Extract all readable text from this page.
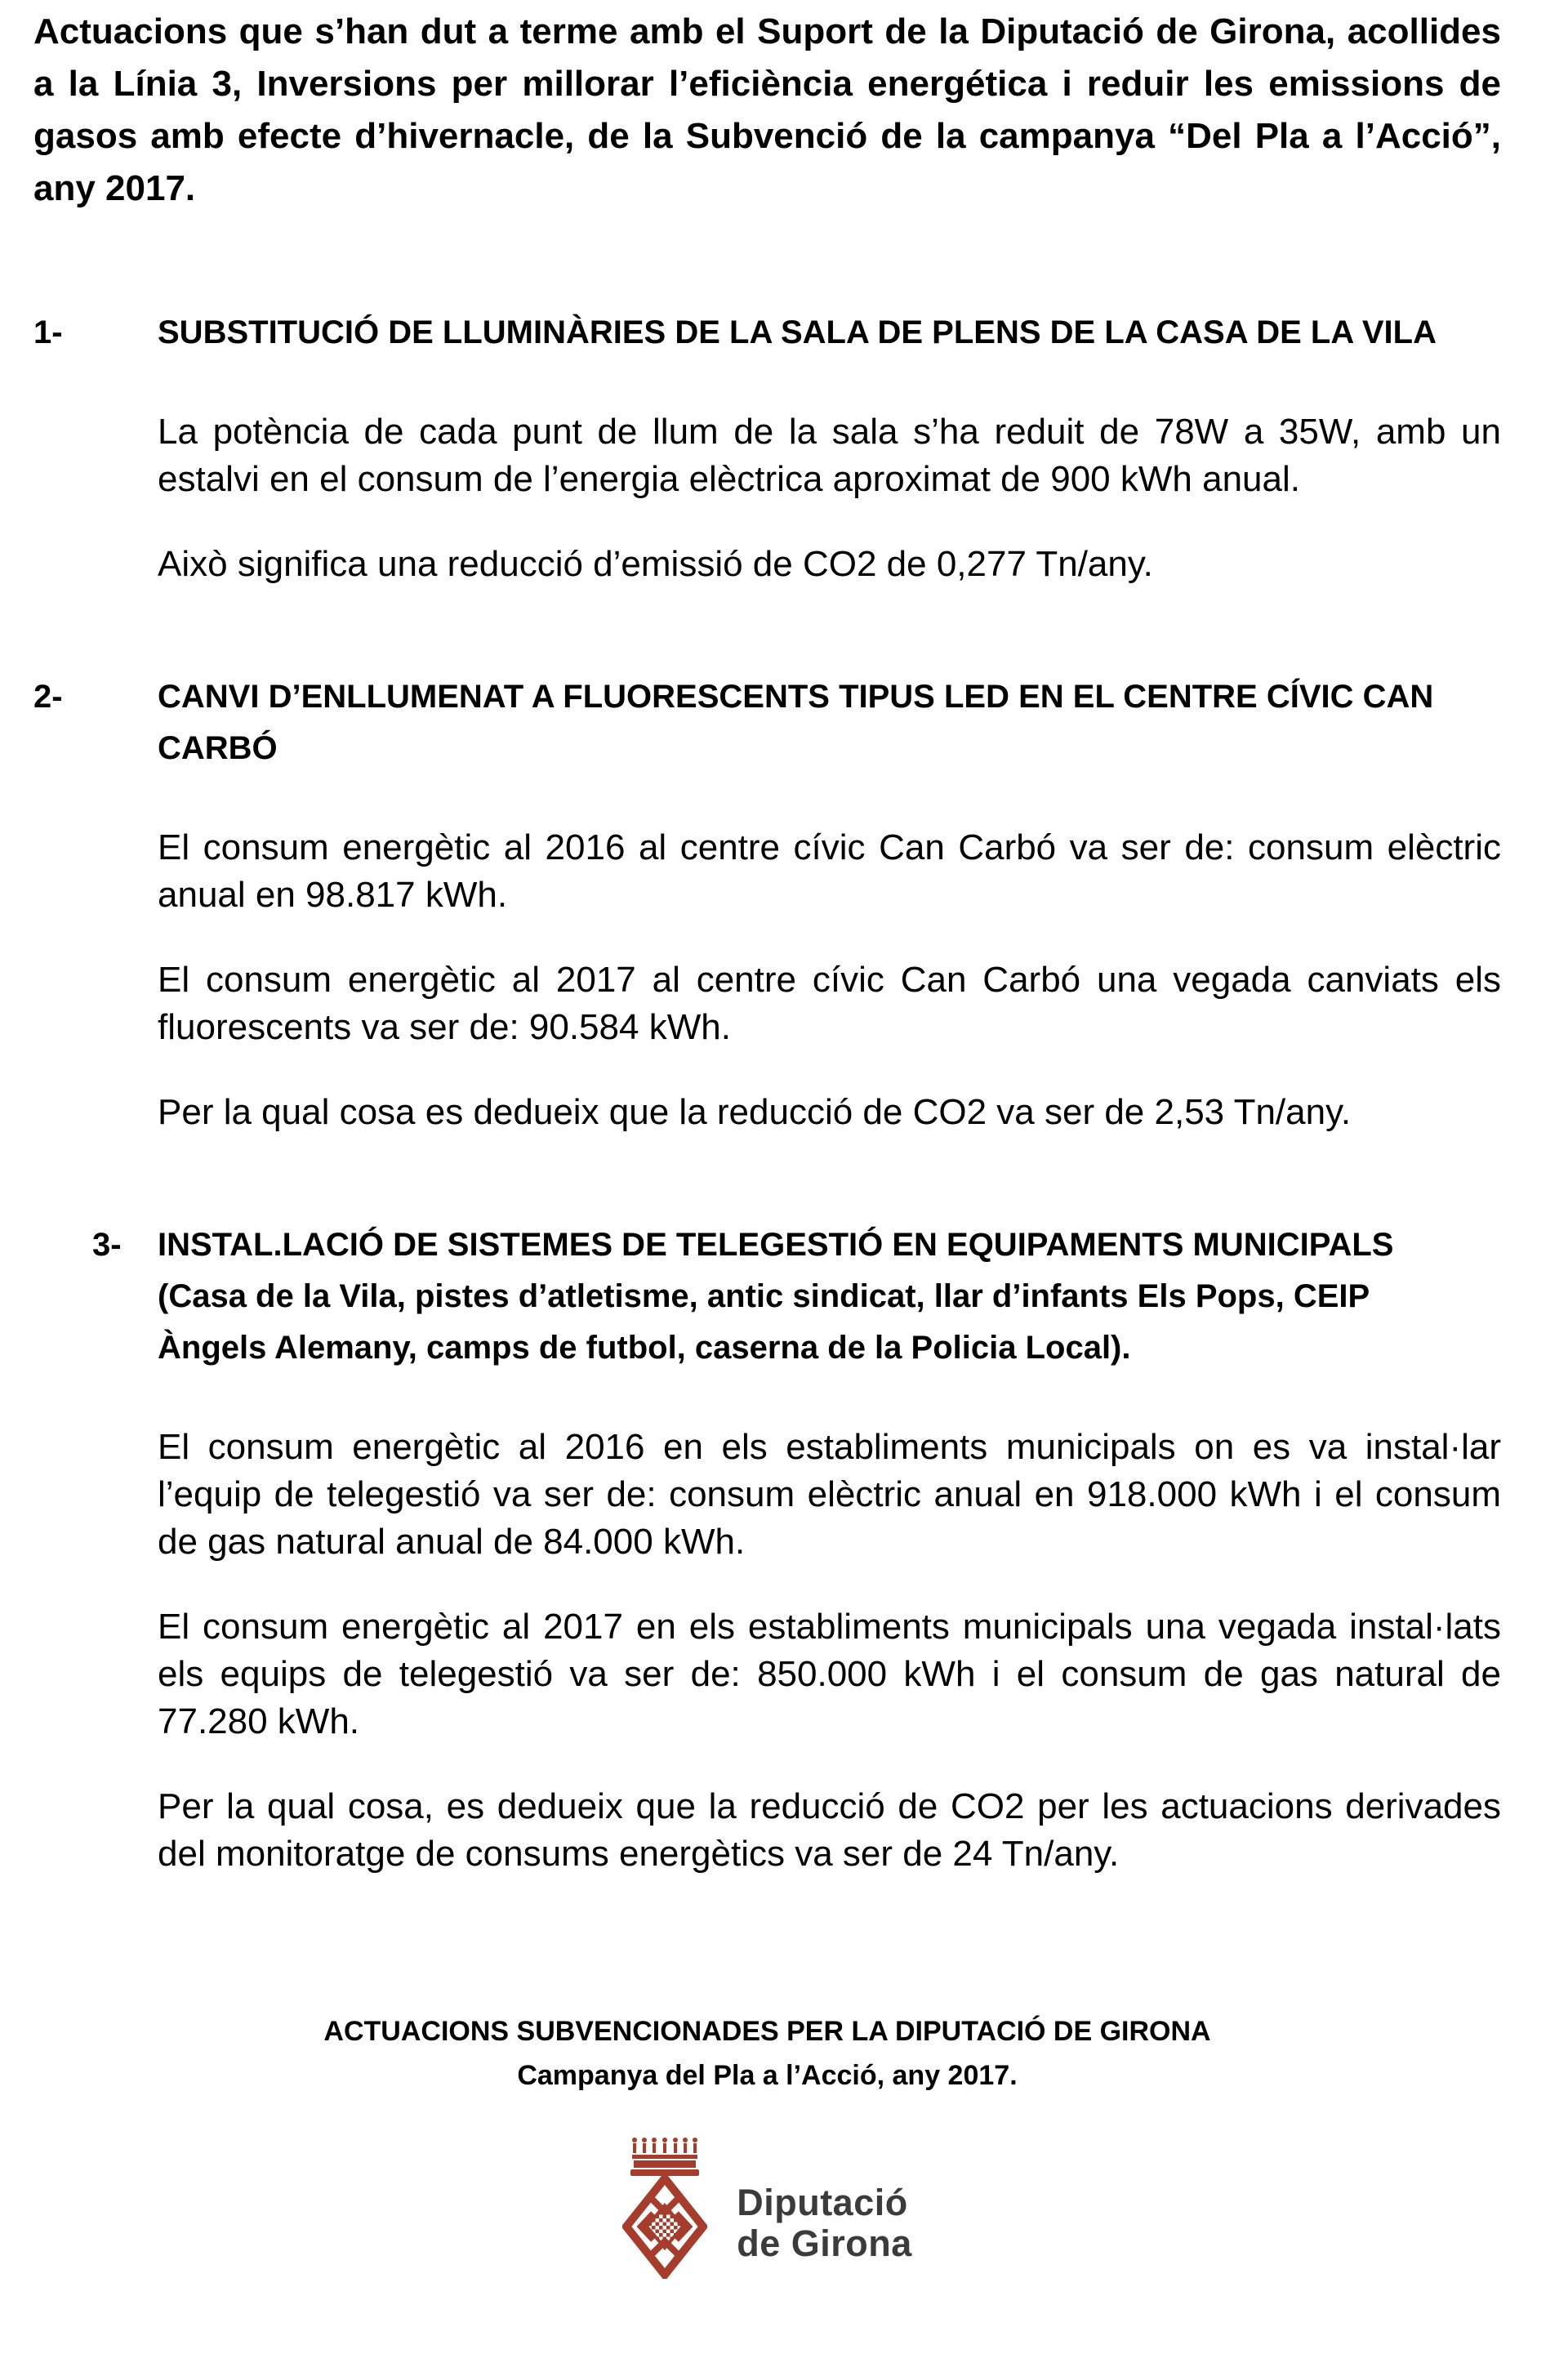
Actuacions que s’han dut a terme amb el Suport de la Diputació de Girona, acollides a la Línia 3, Inversions per millorar l’eficiència energética i reduir les emissions de gasos amb efecte d’hivernacle, de la Subvenció de la campanya “Del Pla a l’Acció”, any 2017.

1-	SUBSTITUCIÓ DE LLUMINÀRIES DE LA SALA DE PLENS DE LA CASA DE LA VILA

La potència de cada punt de llum de la sala s’ha reduit de 78W a 35W, amb un estalvi en el consum de l’energia elèctrica aproximat de 900 kWh anual.

Això significa una reducció d’emissió de CO2 de 0,277 Tn/any.

2-	CANVI D’ENLLUMENAT A FLUORESCENTS TIPUS LED EN EL CENTRE CÍVIC CAN
CARBÓ

El consum energètic al 2016 al centre cívic Can Carbó va ser de: consum elèctric anual en 98.817 kWh.

El consum energètic al 2017 al centre cívic Can Carbó una vegada canviats els fluorescents va ser de: 90.584 kWh.

Per la qual cosa es dedueix que la reducció de CO2 va ser de 2,53 Tn/any.

3-	INSTAL.LACIÓ DE SISTEMES DE TELEGESTIÓ EN EQUIPAMENTS MUNICIPALS
(Casa de la Vila, pistes d’atletisme, antic sindicat, llar d’infants Els Pops, CEIP
Àngels Alemany, camps de futbol, caserna de la Policia Local).

El consum energètic al 2016 en els establiments municipals on es va instal·lar l’equip de telegestió va ser de: consum elèctric anual en 918.000 kWh i el consum de gas natural anual de 84.000 kWh.

El consum energètic al 2017 en els establiments municipals una vegada instal·lats els equips de telegestió va ser de: 850.000 kWh i el consum de gas natural de 77.280 kWh.

Per la qual cosa, es dedueix que la reducció de CO2 per les actuacions derivades del monitoratge de consums energètics va ser de 24 Tn/any.

ACTUACIONS SUBVENCIONADES PER LA DIPUTACIÓ DE GIRONA
Campanya del Pla a l’Acció, any 2017.
Diputació
de Girona
